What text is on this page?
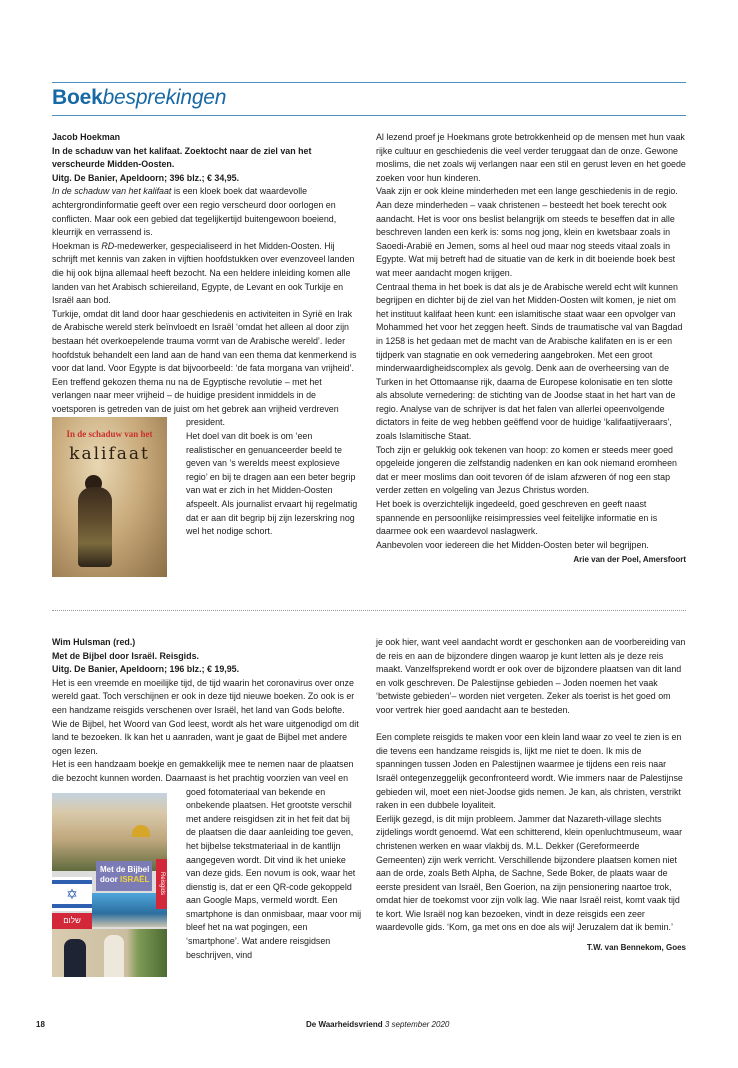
Boekbesprekingen
In de schaduw van het
kalifaat

Jacob Hoekman

In de schaduw van het kalifaat. Zoektocht naar de ziel van het verscheurde Midden-Oosten.

Uitg. De Banier, Apeldoorn; 396 blz.; € 34,95.

In de schaduw van het kalifaat is een kloek boek dat waardevolle achtergrondinformatie geeft over een regio verscheurd door oorlogen en conflicten. Maar ook een gebied dat tegelijkertijd buitengewoon boeiend, kleurrijk en verrassend is.

Hoekman is RD-medewerker, gespecialiseerd in het Midden-Oosten. Hij schrijft met kennis van zaken in vijftien hoofdstukken over evenzoveel landen die hij ook bijna allemaal heeft bezocht. Na een heldere inleiding komen alle landen van het Arabisch schiereiland, Egypte, de Levant en ook Turkije en Israël aan bod.

Turkije, omdat dit land door haar geschiedenis en activiteiten in Syrië en Irak de Arabische wereld sterk beïnvloedt en Israël ‘omdat het alleen al door zijn bestaan hét overkoepelende trauma vormt van de Arabische wereld’. Ieder hoofdstuk behandelt een land aan de hand van een thema dat kenmerkend is voor dat land. Voor Egypte is dat bijvoorbeeld: ‘de fata morgana van vrijheid’. Een treffend gekozen thema nu na de Egyptische revolutie – met het verlangen naar meer vrijheid – de huidige president inmiddels in de voetsporen is getreden van de juist om het gebrek aan vrijheid verdreven president.

Het doel van dit boek is om ‘een realistischer en genuanceerder beeld te geven van ’s werelds meest explosieve regio’ en bij te dragen aan een beter begrip van wat er zich in het Midden-Oosten afspeelt. Als journalist ervaart hij regelmatig dat er aan dit begrip bij zijn lezerskring nog wel het nodige schort.

Al lezend proef je Hoekmans grote betrokkenheid op de mensen met hun vaak rijke cultuur en geschiedenis die veel verder teruggaat dan de onze. Gewone moslims, die net zoals wij verlangen naar een stil en gerust leven en het goede zoeken voor hun kinderen.

Vaak zijn er ook kleine minderheden met een lange geschiedenis in de regio. Aan deze minderheden – vaak christenen – besteedt het boek terecht ook aandacht. Het is voor ons beslist belangrijk om steeds te beseffen dat in alle beschreven landen een kerk is: soms nog jong, klein en kwetsbaar zoals in Saoedi-Arabië en Jemen, soms al heel oud maar nog steeds vitaal zoals in Egypte. Wat mij betreft had de situatie van de kerk in dit boeiende boek best wat meer aandacht mogen krijgen.

Centraal thema in het boek is dat als je de Arabische wereld echt wilt kunnen begrijpen en dichter bij de ziel van het Midden-Oosten wilt komen, je niet om het instituut kalifaat heen kunt: een islamitische staat waar een opvolger van Mohammed het voor het zeggen heeft. Sinds de traumatische val van Bagdad in 1258 is het gedaan met de macht van de Arabische kalifaten en is er een tijdperk van stagnatie en ook vernedering aangebroken. Met een groot minderwaardigheidscomplex als gevolg. Denk aan de overheersing van de Turken in het Ottomaanse rijk, daarna de Europese kolonisatie en ten slotte als absolute vernedering: de stichting van de Joodse staat in het hart van de regio. Analyse van de schrijver is dat het falen van allerlei opeenvolgende dictators in feite de weg hebben geëffend voor de huidige ‘kalifaatijveraars’, zoals Islamitische Staat.

Toch zijn er gelukkig ook tekenen van hoop: zo komen er steeds meer goed opgeleide jongeren die zelfstandig nadenken en kan ook niemand eromheen dat er meer moslims dan ooit tevoren óf de islam afzweren óf nog een stap verder zetten en volgeling van Jezus Christus worden.

Het boek is overzichtelijk ingedeeld, goed geschreven en geeft naast spannende en persoonlijke reisimpressies veel feitelijke informatie en is daarmee ook een waardevol naslagwerk.

Aanbevolen voor iedereen die het Midden-Oosten beter wil begrijpen.

Arie van der Poel, Amersfoort
✡
Met de Bijbel
door ISRAËL	Reisgids
שלום

Wim Hulsman (red.)

Met de Bijbel door Israël. Reisgids.

Uitg. De Banier, Apeldoorn; 196 blz.; € 19,95.

Het is een vreemde en moeilijke tijd, de tijd waarin het coronavirus over onze wereld gaat. Toch verschijnen er ook in deze tijd nieuwe boeken. Zo ook is er een handzame reisgids verschenen over Israël, het land van Gods belofte. Wie de Bijbel, het Woord van God leest, wordt als het ware uitgenodigd om dit land te bezoeken. Ik kan het u aanraden, want je gaat de Bijbel met andere ogen lezen.

Het is een handzaam boekje en gemakkelijk mee te nemen naar de plaatsen die bezocht kunnen worden. Daarnaast is het prachtig voorzien van veel en goed fotomateriaal van bekende en onbekende plaatsen. Het grootste verschil met andere reisgidsen zit in het feit dat bij de plaatsen die daar aanleiding toe geven, het bijbelse tekstmateriaal in de kantlijn aangegeven wordt. Dit vind ik het unieke van deze gids. Een novum is ook, waar het dienstig is, dat er een QR-code gekoppeld aan Google Maps, vermeld wordt. Een smartphone is dan onmisbaar, maar voor mij bleef het na wat pogingen, een ‘smartphone’. Wat andere reisgidsen beschrijven, vind

je ook hier, want veel aandacht wordt er geschonken aan de voorbereiding van de reis en aan de bijzondere dingen waarop je kunt letten als je deze reis maakt. Vanzelfsprekend wordt er ook over de bijzondere plaatsen van dit land en volk geschreven. De Palestijnse gebieden – Joden noemen het vaak ‘betwiste gebieden’– worden niet vergeten. Zeker als toerist is het goed om voor vertrek hier goed aandacht aan te besteden.

Een complete reisgids te maken voor een klein land waar zo veel te zien is en die tevens een handzame reisgids is, lijkt me niet te doen. Ik mis de spanningen tussen Joden en Palestijnen waarmee je tijdens een reis naar Israël ontegenzeggelijk geconfronteerd wordt. Wie immers naar de Palestijnse gebieden wil, moet een niet-Joodse gids nemen. Je kan, als christen, verstrikt raken in een dubbele loyaliteit.

Eerlijk gezegd, is dit mijn probleem. Jammer dat Nazareth-village slechts zijdelings wordt genoemd. Wat een schitterend, klein openluchtmuseum, waar christenen werken en waar vlakbij ds. M.L. Dekker (Gereformeerde Gemeenten) zijn werk verricht. Verschillende bijzondere plaatsen komen niet aan de orde, zoals Beth Alpha, de Sachne, Sede Boker, de plaats waar de eerste president van Israël, Ben Goerion, na zijn pensionering naartoe trok, omdat hier de toekomst voor zijn volk lag. Wie naar Israël reist, komt vaak tijd te kort. Wie Israël nog kan bezoeken, vindt in deze reisgids een zeer waardevolle gids. ‘Kom, ga met ons en doe als wij! Jeruzalem dat ik bemin.’

T.W. van Bennekom, Goes
18	De Waarheidsvriend 3 september 2020
